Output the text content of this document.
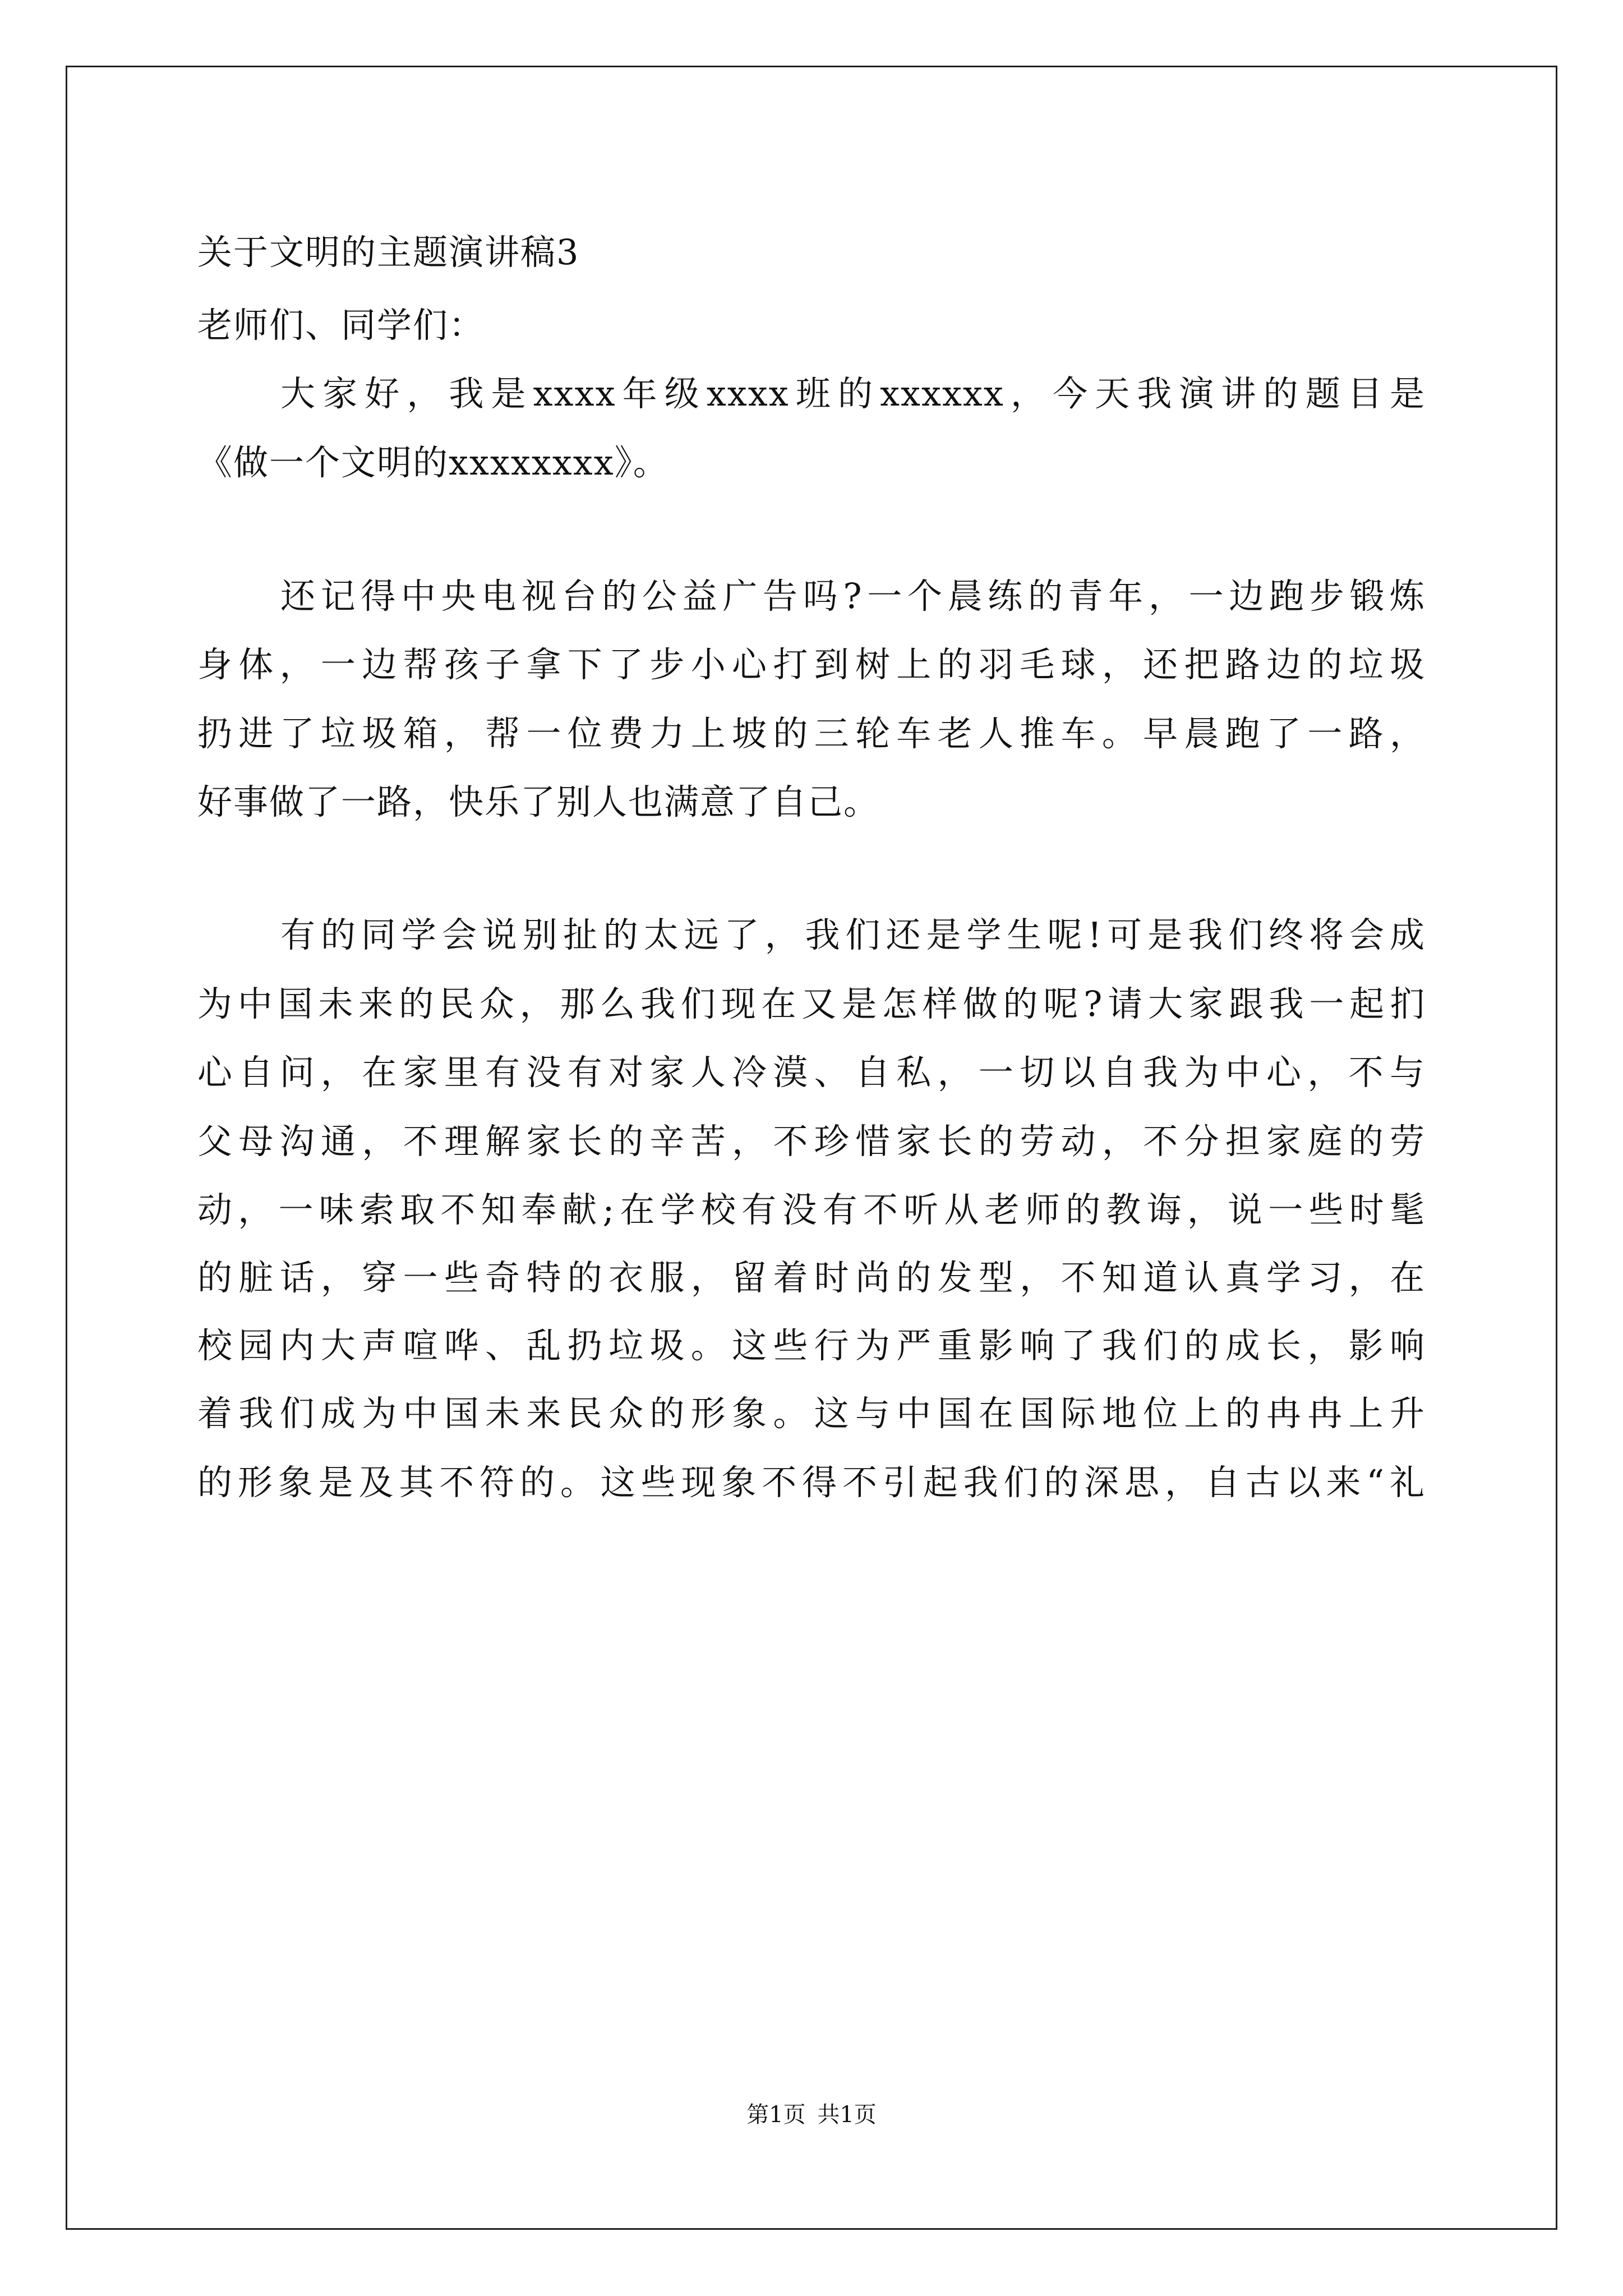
关于文明的主题演讲稿3
老师们、同学们：
大家好，我是xxxx年级xxxx班的xxxxxx，今天我演讲的题目是
《做一个文明的xxxxxxxx》。
还记得中央电视台的公益广告吗?一个晨练的青年，一边跑步锻炼
身体，一边帮孩子拿下了步小心打到树上的羽毛球，还把路边的垃圾
扔进了垃圾箱，帮一位费力上坡的三轮车老人推车。早晨跑了一路，
好事做了一路，快乐了别人也满意了自己。
有的同学会说别扯的太远了，我们还是学生呢!可是我们终将会成
为中国未来的民众，那么我们现在又是怎样做的呢?请大家跟我一起扪
心自问，在家里有没有对家人冷漠、自私，一切以自我为中心，不与
父母沟通，不理解家长的辛苦，不珍惜家长的劳动，不分担家庭的劳
动，一味索取不知奉献;在学校有没有不听从老师的教诲，说一些时髦
的脏话，穿一些奇特的衣服，留着时尚的发型，不知道认真学习，在
校园内大声喧哗、乱扔垃圾。这些行为严重影响了我们的成长，影响
着我们成为中国未来民众的形象。这与中国在国际地位上的冉冉上升
的形象是及其不符的。这些现象不得不引起我们的深思，自古以来“礼
第1页 共1页
